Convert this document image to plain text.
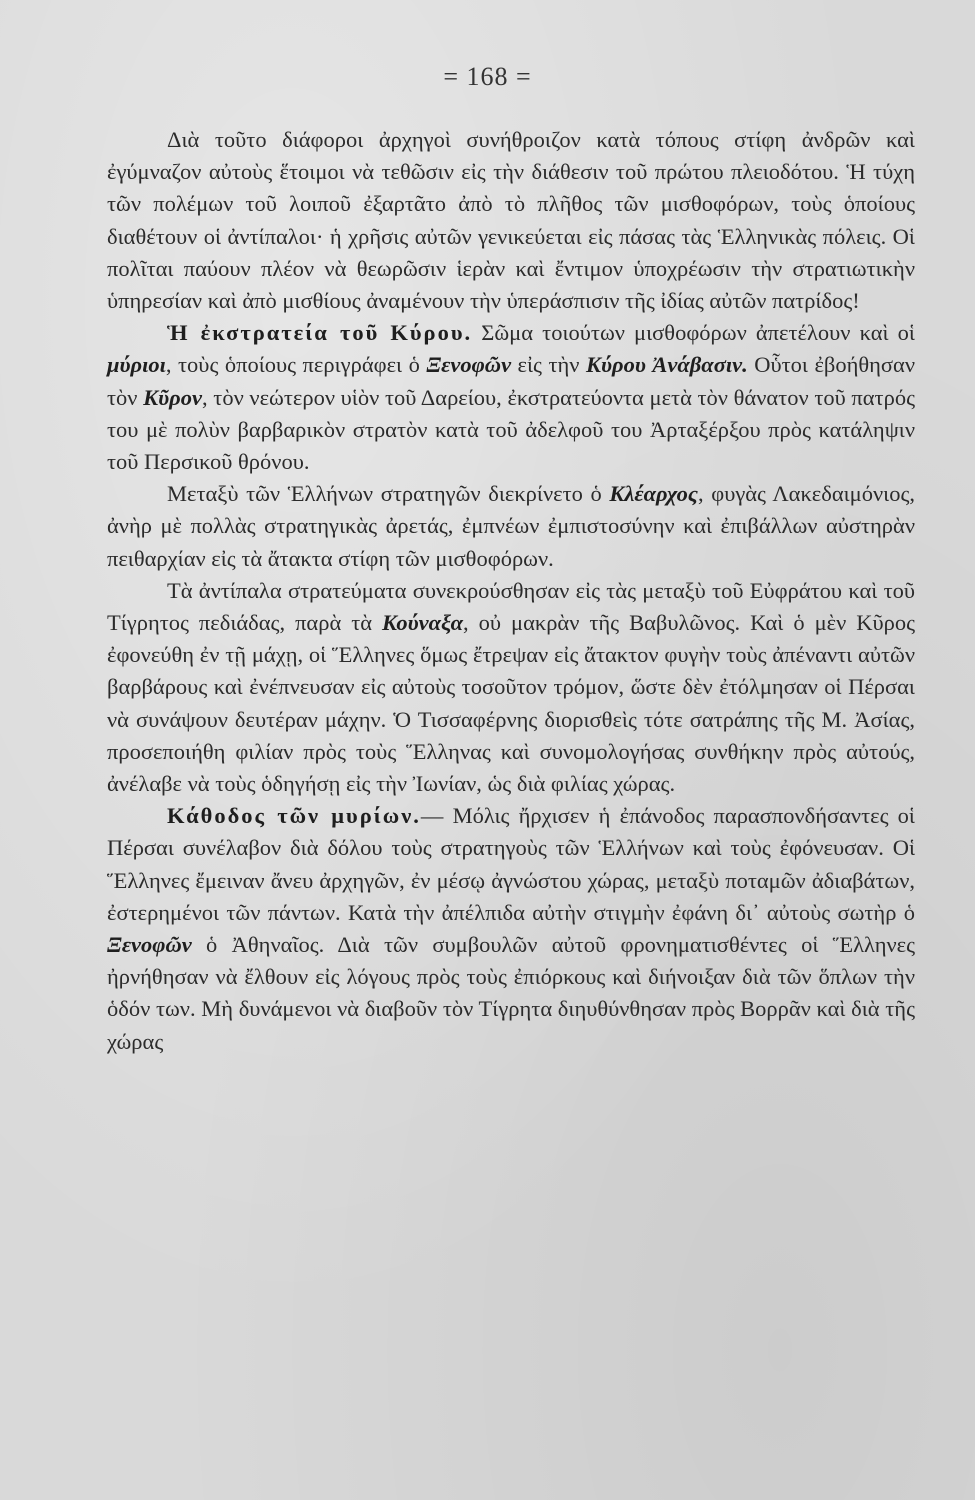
= 168 =

Διὰ τοῦτο διάφοροι ἀρχηγοὶ συνήθροιζον κατὰ τόπους στίφη ἀνδρῶν καὶ ἐγύμναζον αὐτοὺς ἕτοιμοι νὰ τεθῶσιν εἰς τὴν διάθεσιν τοῦ πρώτου πλειοδότου. Ἡ τύχη τῶν πολέμων τοῦ λοιποῦ ἐξαρτᾶτο ἀπὸ τὸ πλῆθος τῶν μισθοφόρων, τοὺς ὁποίους διαθέτουν οἱ ἀντίπαλοι· ἡ χρῆσις αὐτῶν γενικεύεται εἰς πάσας τὰς Ἑλληνικὰς πόλεις. Οἱ πολῖται παύουν πλέον νὰ θεωρῶσιν ἱερὰν καὶ ἔντιμον ὑποχρέωσιν τὴν στρατιωτικὴν ὑπηρεσίαν καὶ ἀπὸ μισθίους ἀναμένουν τὴν ὑπεράσπισιν τῆς ἰδίας αὐτῶν πατρίδος!

Ἡ ἐκστρατεία τοῦ Κύρου. Σῶμα τοιούτων μισθοφόρων ἀπετέλουν καὶ οἱ μύριοι, τοὺς ὁποίους περιγράφει ὁ Ξενοφῶν εἰς τὴν Κύρου Ἀνάβασιν. Οὗτοι ἐβοήθησαν τὸν Κῦρον, τὸν νεώτερον υἱὸν τοῦ Δαρείου, ἐκστρατεύοντα μετὰ τὸν θάνατον τοῦ πατρός του μὲ πολὺν βαρβαρικὸν στρατὸν κατὰ τοῦ ἀδελφοῦ του Ἀρταξέρξου πρὸς κατάληψιν τοῦ Περσικοῦ θρόνου.

Μεταξὺ τῶν Ἑλλήνων στρατηγῶν διεκρίνετο ὁ Κλέαρχος, φυγὰς Λακεδαιμόνιος, ἀνὴρ μὲ πολλὰς στρατηγικὰς ἀρετάς, ἐμπνέων ἐμπιστοσύνην καὶ ἐπιβάλλων αὐστηρὰν πειθαρχίαν εἰς τὰ ἄτακτα στίφη τῶν μισθοφόρων.

Τὰ ἀντίπαλα στρατεύματα συνεκρούσθησαν εἰς τὰς μεταξὺ τοῦ Εὐφράτου καὶ τοῦ Τίγρητος πεδιάδας, παρὰ τὰ Κούναξα, οὐ μακρὰν τῆς Βαβυλῶνος. Καὶ ὁ μὲν Κῦρος ἐφονεύθη ἐν τῇ μάχῃ, οἱ Ἕλληνες ὅμως ἔτρεψαν εἰς ἄτακτον φυγὴν τοὺς ἀπέναντι αὐτῶν βαρβάρους καὶ ἐνέπνευσαν εἰς αὐτοὺς τοσοῦτον τρόμον, ὥστε δὲν ἐτόλμησαν οἱ Πέρσαι νὰ συνάψουν δευτέραν μάχην. Ὁ Τισσαφέρνης διορισθεὶς τότε σατράπης τῆς Μ. Ἀσίας, προσεποιήθη φιλίαν πρὸς τοὺς Ἕλληνας καὶ συνομολογήσας συνθήκην πρὸς αὐτούς, ἀνέλαβε νὰ τοὺς ὁδηγήσῃ εἰς τὴν Ἰωνίαν, ὡς διὰ φιλίας χώρας.

Κάθοδος τῶν μυρίων.— Μόλις ἤρχισεν ἡ ἐπάνοδος παρασπονδήσαντες οἱ Πέρσαι συνέλαβον διὰ δόλου τοὺς στρατηγοὺς τῶν Ἑλλήνων καὶ τοὺς ἐφόνευσαν. Οἱ Ἕλληνες ἔμειναν ἄνευ ἀρχηγῶν, ἐν μέσῳ ἀγνώστου χώρας, μεταξὺ ποταμῶν ἀδιαβάτων, ἐστερημένοι τῶν πάντων. Κατὰ τὴν ἀπέλπιδα αὐτὴν στιγμὴν ἐφάνη δι᾽ αὐτοὺς σωτὴρ ὁ Ξενοφῶν ὁ Ἀθηναῖος. Διὰ τῶν συμβουλῶν αὐτοῦ φρονηματισθέντες οἱ Ἕλληνες ἠρνήθησαν νὰ ἔλθουν εἰς λόγους πρὸς τοὺς ἐπιόρκους καὶ διήνοιξαν διὰ τῶν ὅπλων τὴν ὁδόν των. Μὴ δυνάμενοι νὰ διαβοῦν τὸν Τίγρητα διηυθύνθησαν πρὸς Βορρᾶν καὶ διὰ τῆς χώρας
